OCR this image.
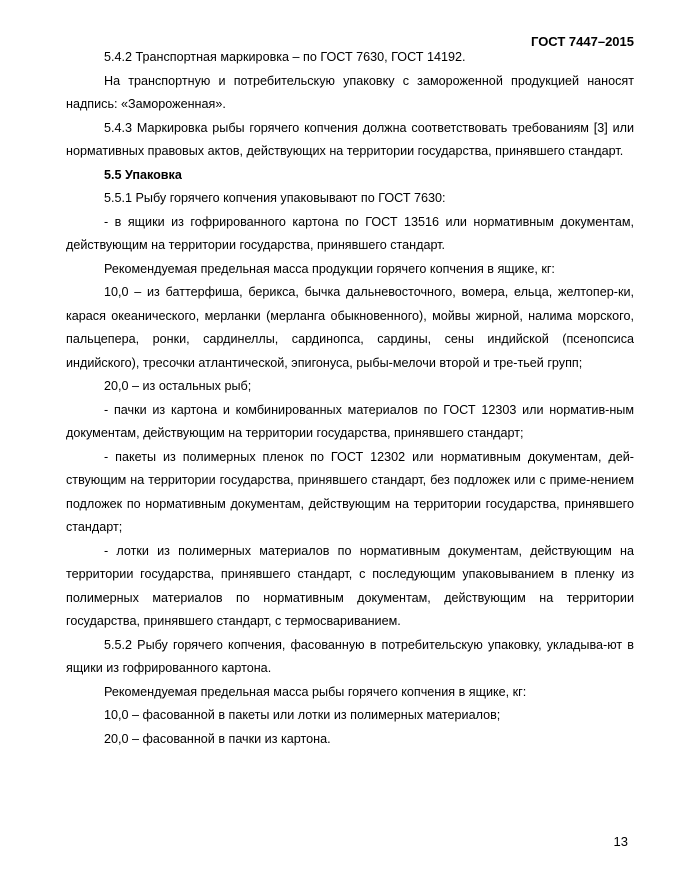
ГОСТ 7447–2015

5.4.2 Транспортная маркировка – по ГОСТ 7630, ГОСТ 14192.

На транспортную и потребительскую упаковку с замороженной продукцией наносят надпись: «Замороженная».

5.4.3 Маркировка рыбы горячего копчения должна соответствовать требованиям [3] или нормативных правовых актов, действующих на территории государства, принявшего стандарт.

5.5 Упаковка

5.5.1 Рыбу горячего копчения упаковывают по ГОСТ 7630:

- в ящики из гофрированного картона по ГОСТ 13516 или нормативным документам, действующим на территории государства, принявшего стандарт.

Рекомендуемая предельная масса продукции горячего копчения в ящике, кг:

10,0 – из баттерфиша, берикса, бычка дальневосточного, вомера, ельца, желтопер-ки, карася океанического, мерланки (мерланга обыкновенного), мойвы жирной, налима морского, пальцепера, ронки, сардинеллы, сардинопса, сардины, сены индийской (псенопсиса индийского), тресочки атлантической, эпигонуса, рыбы-мелочи второй и тре-тьей групп;

20,0 – из остальных рыб;

- пачки из картона и комбинированных материалов по ГОСТ 12303 или норматив-ным документам, действующим на территории государства, принявшего стандарт;

- пакеты из полимерных пленок по ГОСТ 12302 или нормативным документам, дей-ствующим на территории государства, принявшего стандарт, без подложек или с приме-нением подложек по нормативным документам, действующим на территории государства, принявшего стандарт;

- лотки из полимерных материалов по нормативным документам, действующим на территории государства, принявшего стандарт, с последующим упаковыванием в пленку из полимерных материалов по нормативным документам, действующим на территории государства, принявшего стандарт, с термосвариванием.

5.5.2 Рыбу горячего копчения, фасованную в потребительскую упаковку, укладыва-ют в ящики из гофрированного картона.

Рекомендуемая предельная масса рыбы горячего копчения в ящике, кг:

10,0 – фасованной в пакеты или лотки из полимерных материалов;

20,0 – фасованной в пачки из картона.

13
